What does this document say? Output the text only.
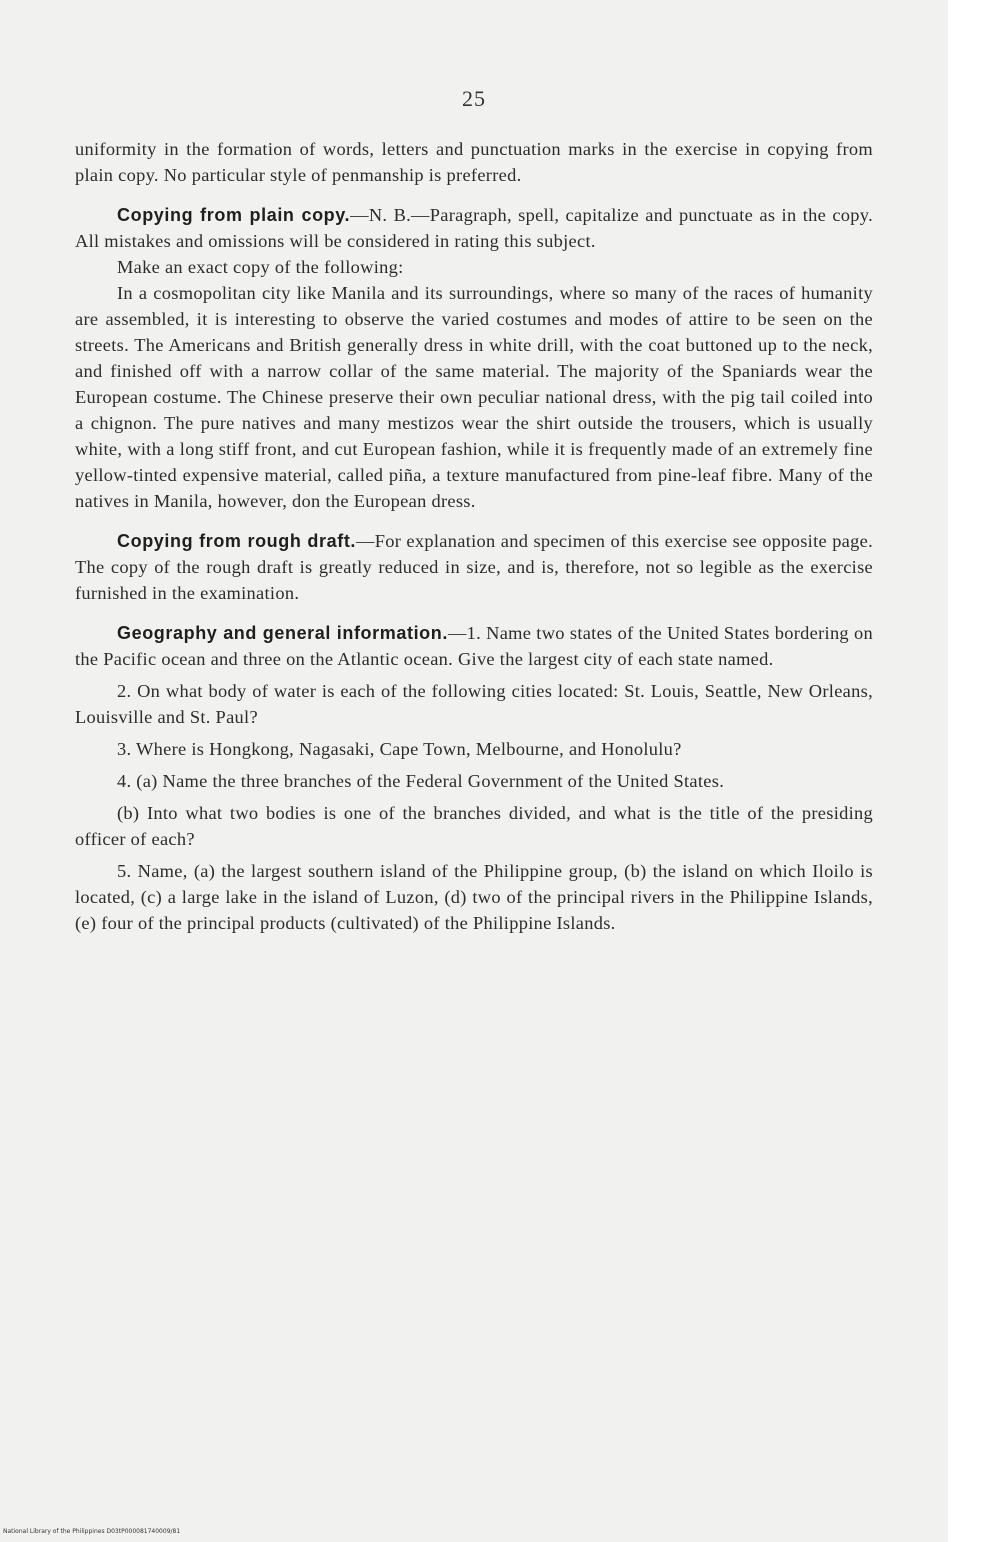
25

uniformity in the formation of words, letters and punctuation marks in the exercise in copying from plain copy. No particular style of penmanship is preferred.

Copying from plain copy.—N. B.—Paragraph, spell, capitalize and punctuate as in the copy. All mistakes and omissions will be considered in rating this subject.

Make an exact copy of the following:

In a cosmopolitan city like Manila and its surroundings, where so many of the races of humanity are assembled, it is interesting to observe the varied costumes and modes of attire to be seen on the streets. The Americans and British generally dress in white drill, with the coat buttoned up to the neck, and finished off with a narrow collar of the same material. The majority of the Spaniards wear the European costume. The Chinese preserve their own peculiar national dress, with the pig tail coiled into a chignon. The pure natives and many mestizos wear the shirt outside the trousers, which is usually white, with a long stiff front, and cut European fashion, while it is frequently made of an extremely fine yellow-tinted expensive material, called piña, a texture manufactured from pine-leaf fibre. Many of the natives in Manila, however, don the European dress.

Copying from rough draft.—For explanation and specimen of this exercise see opposite page. The copy of the rough draft is greatly reduced in size, and is, therefore, not so legible as the exercise furnished in the examination.

Geography and general information.—1. Name two states of the United States bordering on the Pacific ocean and three on the Atlantic ocean. Give the largest city of each state named.

2. On what body of water is each of the following cities located: St. Louis, Seattle, New Orleans, Louisville and St. Paul?

3. Where is Hongkong, Nagasaki, Cape Town, Melbourne, and Honolulu?

4. (a) Name the three branches of the Federal Government of the United States.

(b) Into what two bodies is one of the branches divided, and what is the title of the presiding officer of each?

5. Name, (a) the largest southern island of the Philippine group, (b) the island on which Iloilo is located, (c) a large lake in the island of Luzon, (d) two of the principal rivers in the Philippine Islands, (e) four of the principal products (cultivated) of the Philippine Islands.

National Library of the Philippines D03tP000081740009/81
